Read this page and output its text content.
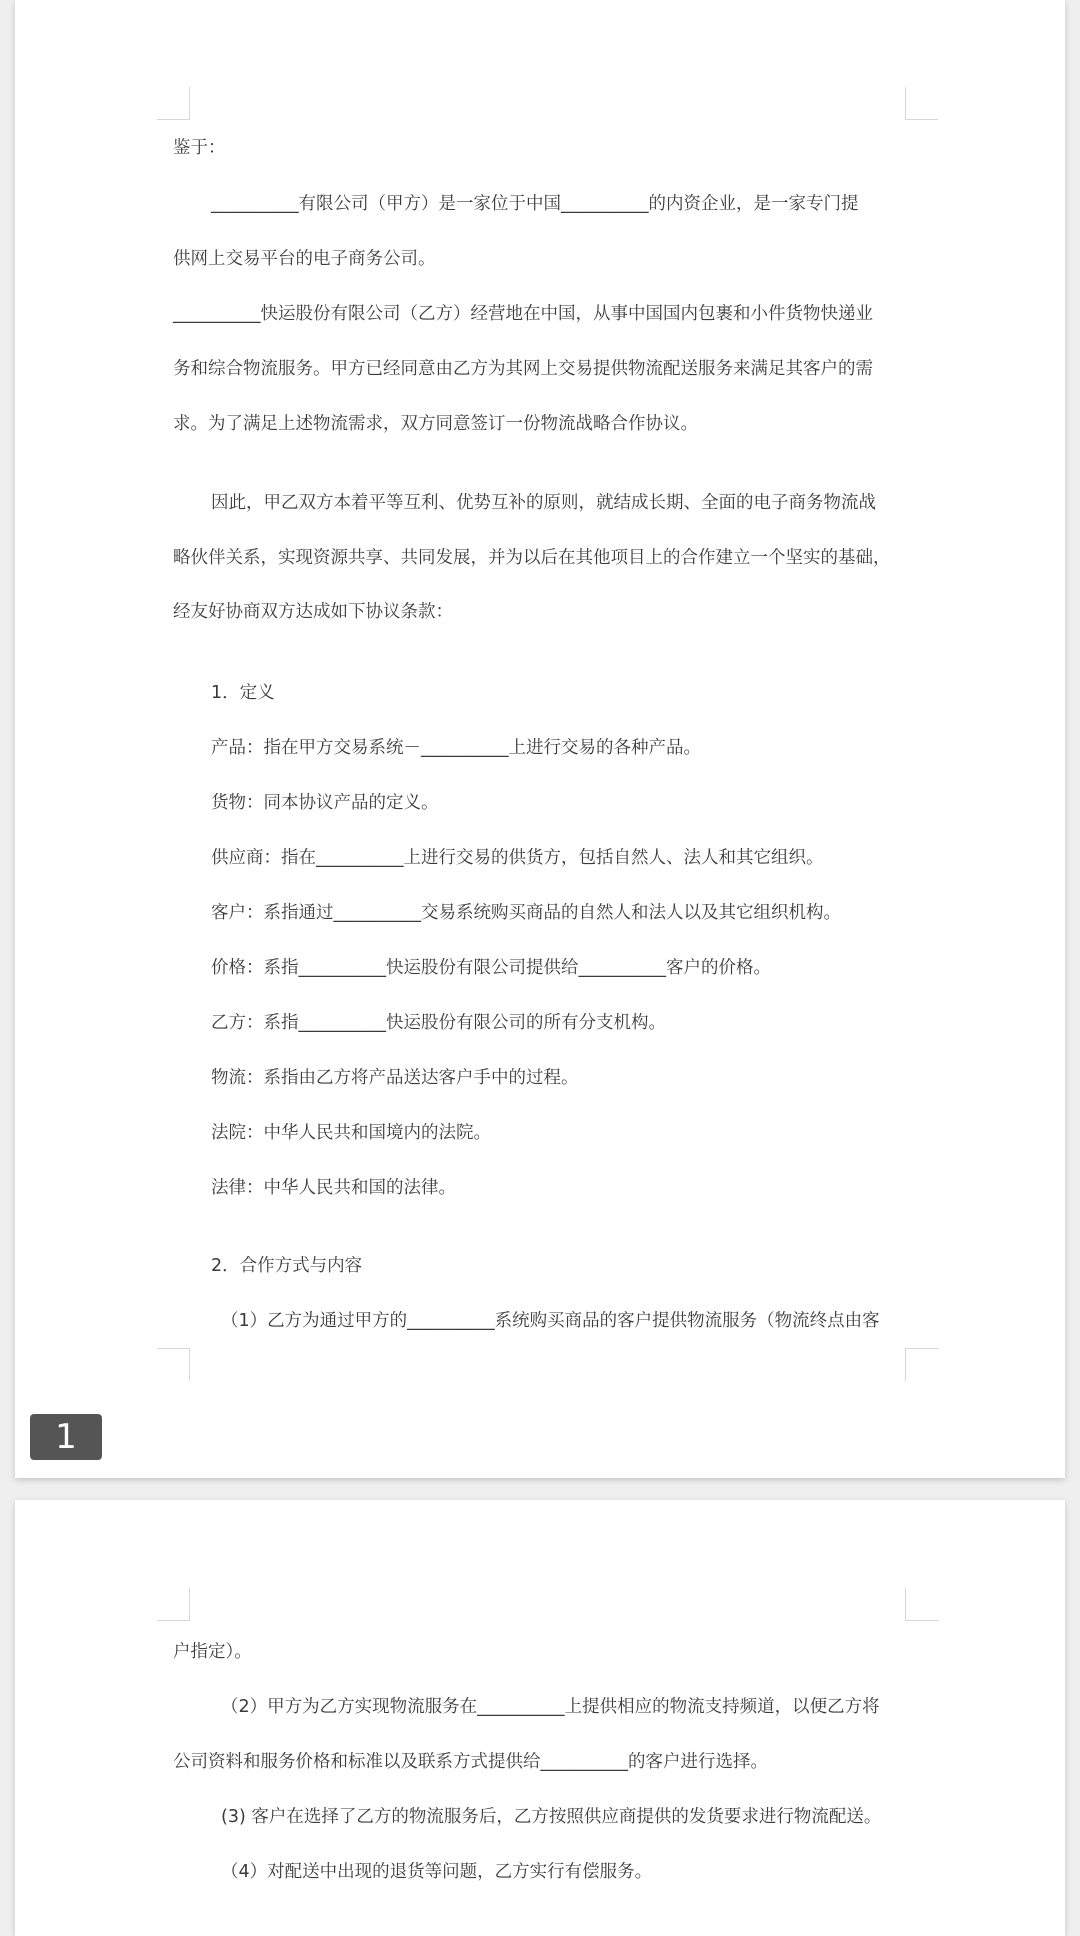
鉴于：
__________有限公司（甲方）是一家位于中国__________的内资企业，是一家专门提
供网上交易平台的电子商务公司。
__________快运股份有限公司（乙方）经营地在中国，从事中国国内包裹和小件货物快递业
务和综合物流服务。甲方已经同意由乙方为其网上交易提供物流配送服务来满足其客户的需
求。为了满足上述物流需求，双方同意签订一份物流战略合作协议。
因此，甲乙双方本着平等互利、优势互补的原则，就结成长期、全面的电子商务物流战
略伙伴关系，实现资源共享、共同发展，并为以后在其他项目上的合作建立一个坚实的基础，
经友好协商双方达成如下协议条款：
1．定义
产品：指在甲方交易系统－__________上进行交易的各种产品。
货物：同本协议产品的定义。
供应商：指在__________上进行交易的供货方，包括自然人、法人和其它组织。
客户：系指通过__________交易系统购买商品的自然人和法人以及其它组织机构。
价格：系指__________快运股份有限公司提供给__________客户的价格。
乙方：系指__________快运股份有限公司的所有分支机构。
物流：系指由乙方将产品送达客户手中的过程。
法院：中华人民共和国境内的法院。
法律：中华人民共和国的法律。
2．合作方式与内容
（1）乙方为通过甲方的__________系统购买商品的客户提供物流服务（物流终点由客
1
户指定）。
（2）甲方为乙方实现物流服务在__________上提供相应的物流支持频道，以便乙方将
公司资料和服务价格和标准以及联系方式提供给__________的客户进行选择。
(3) 客户在选择了乙方的物流服务后，乙方按照供应商提供的发货要求进行物流配送。
（4）对配送中出现的退货等问题，乙方实行有偿服务。
